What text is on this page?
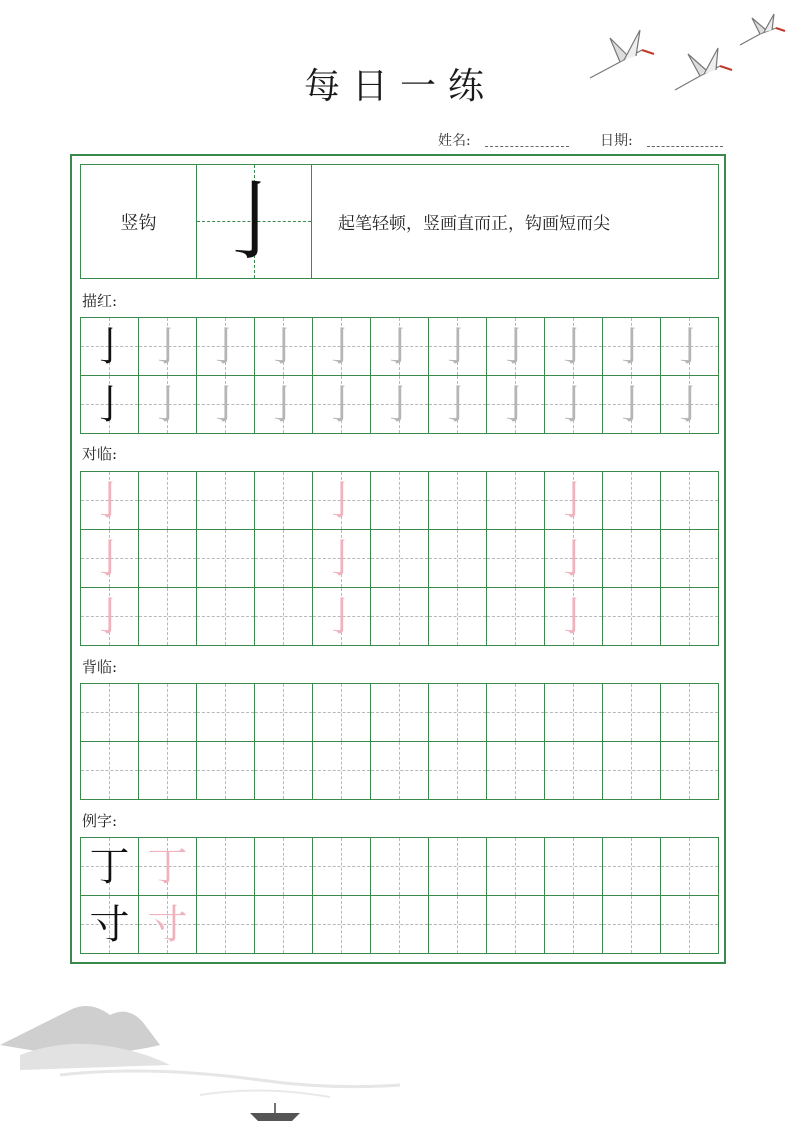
每日一练
姓名:	日期:
竖钩 亅	起笔轻顿，竖画直而正，钩画短而尖
描红:
亅 亅 亅 亅 亅 亅 亅 亅 亅 亅 亅
亅 亅 亅 亅 亅 亅 亅 亅 亅 亅 亅
对临:
亅	亅	亅
亅	亅	亅
亅	亅	亅
背临:
例字:
丁 丁
寸 寸
